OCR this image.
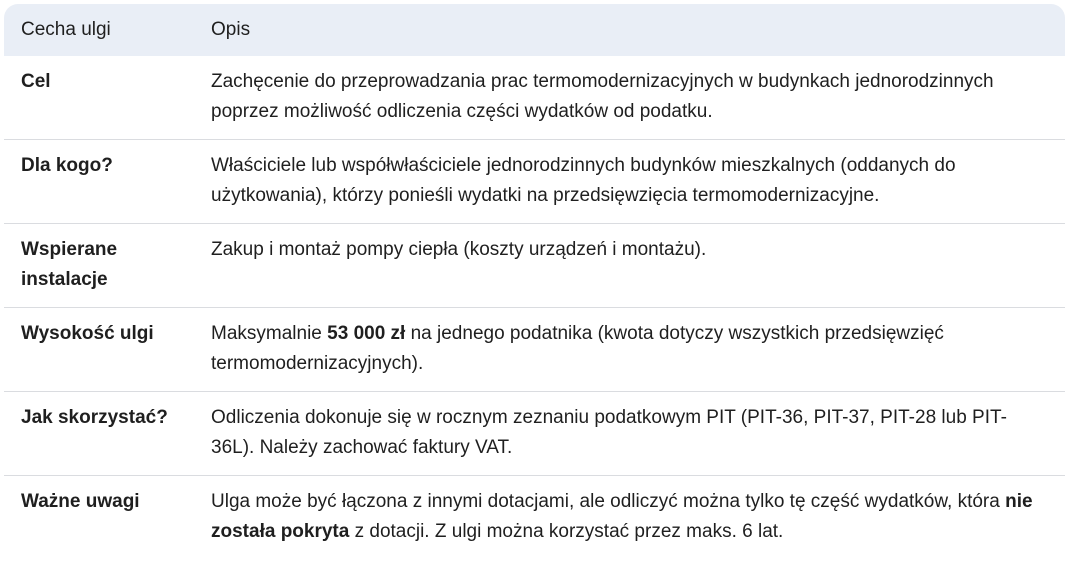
Cecha ulgi	Opis
Cel	Zachęcenie do przeprowadzania prac termomodernizacyjnych w budynkach jednorodzinnych poprzez możliwość odliczenia części wydatków od podatku.
Dla kogo?	Właściciele lub współwłaściciele jednorodzinnych budynków mieszkalnych (oddanych do użytkowania), którzy ponieśli wydatki na przedsięwzięcia termomodernizacyjne.
Wspierane instalacje	Zakup i montaż pompy ciepła (koszty urządzeń i montażu).
Wysokość ulgi	Maksymalnie 53 000 zł na jednego podatnika (kwota dotyczy wszystkich przedsięwzięć termomodernizacyjnych).
Jak skorzystać?	Odliczenia dokonuje się w rocznym zeznaniu podatkowym PIT (PIT-36, PIT-37, PIT-28 lub PIT-36L). Należy zachować faktury VAT.
Ważne uwagi	Ulga może być łączona z innymi dotacjami, ale odliczyć można tylko tę część wydatków, która nie została pokryta z dotacji. Z ulgi można korzystać przez maks. 6 lat.
